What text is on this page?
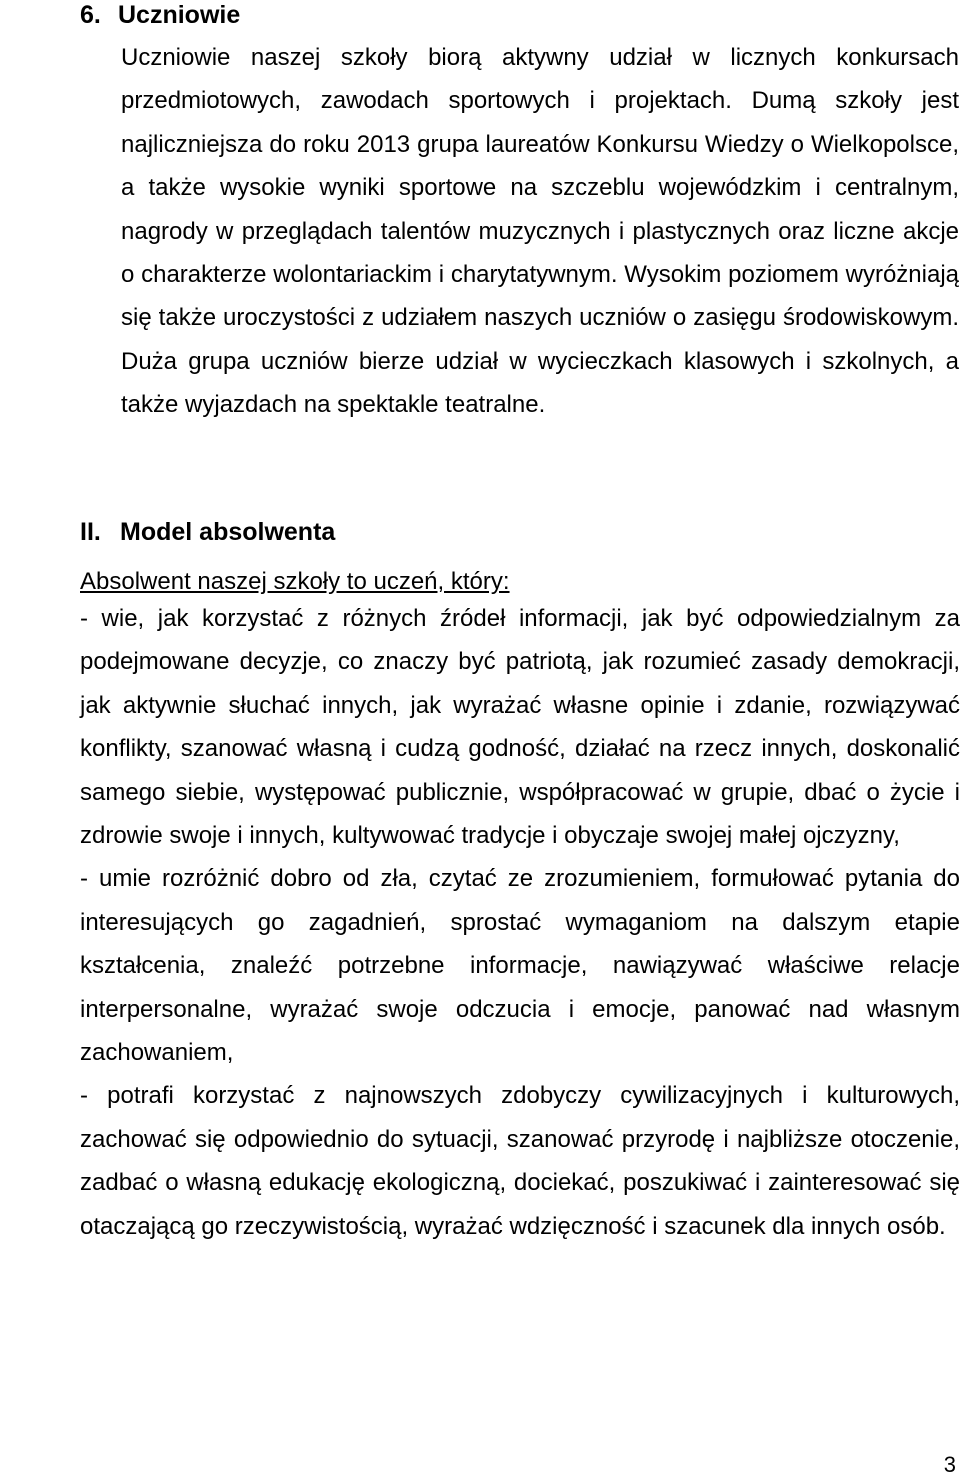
6. Uczniowie

Uczniowie naszej szkoły biorą aktywny udział w licznych konkursach przedmiotowych, zawodach sportowych i projektach. Dumą szkoły jest najliczniejsza do roku 2013 grupa laureatów Konkursu Wiedzy o Wielkopolsce, a także wysokie wyniki sportowe na szczeblu wojewódzkim i centralnym, nagrody w przeglądach talentów muzycznych i plastycznych oraz liczne akcje o charakterze wolontariackim i charytatywnym. Wysokim poziomem wyróżniają się także uroczystości z udziałem naszych uczniów o zasięgu środowiskowym. Duża grupa uczniów bierze udział w wycieczkach klasowych i szkolnych, a także wyjazdach na spektakle teatralne.

II. Model absolwenta
Absolwent naszej szkoły to uczeń, który:
- wie, jak korzystać z różnych źródeł informacji, jak być odpowiedzialnym za podejmowane decyzje, co znaczy być patriotą, jak rozumieć zasady demokracji, jak aktywnie słuchać innych, jak wyrażać własne opinie i zdanie, rozwiązywać konflikty, szanować własną i cudzą godność, działać na rzecz innych, doskonalić samego siebie, występować publicznie, współpracować w grupie, dbać o życie i zdrowie swoje i innych, kultywować tradycje i obyczaje swojej małej ojczyzny,
- umie rozróżnić dobro od zła, czytać ze zrozumieniem, formułować pytania do interesujących go zagadnień, sprostać wymaganiom na dalszym etapie kształcenia, znaleźć potrzebne informacje, nawiązywać właściwe relacje interpersonalne, wyrażać swoje odczucia i emocje, panować nad własnym zachowaniem,
- potrafi korzystać z najnowszych zdobyczy cywilizacyjnych i kulturowych, zachować się odpowiednio do sytuacji, szanować przyrodę i najbliższe otoczenie, zadbać o własną edukację ekologiczną, dociekać, poszukiwać i zainteresować się otaczającą go rzeczywistością, wyrażać wdzięczność i szacunek dla innych osób.
3
